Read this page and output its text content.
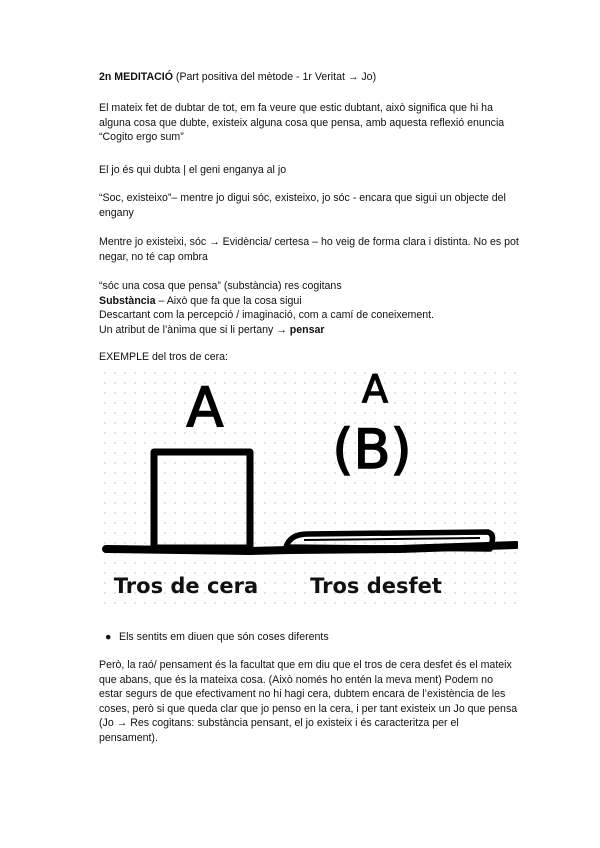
2n MEDITACIÓ (Part positiva del mètode - 1r Veritat → Jo)
El mateix fet de dubtar de tot, em fa veure que estic dubtant, això significa que hi ha alguna cosa que dubte, existeix alguna cosa que pensa, amb aquesta reflexió enuncia “Cogito ergo sum”
El jo és qui dubta | el geni enganya al jo
“Soc, existeixo”– mentre jo digui sóc, existeixo, jo sóc - encara que sigui un objecte del engany
Mentre jo existeixi, sóc → Evidència/ certesa – ho veig de forma clara i distinta. No es pot negar, no té cap ombra
“sóc una cosa que pensa” (substància) res cogitans
Substància – Això que fa que la cosa sigui
Descartant com la percepció / imaginació, com a camí de coneixement.
Un atribut de l’ànima que si li pertany → pensar
EXEMPLE del tros de cera:
A	A
(B)
Tros de cera Tros desfet
● Els sentits em diuen que són coses diferents
Però, la raó/ pensament és la facultat que em diu que el tros de cera desfet és el mateix que abans, que és la mateixa cosa. (Això només ho entén la meva ment) Podem no estar segurs de que efectivament no hi hagi cera, dubtem encara de l’existència de les coses, però si que queda clar que jo penso en la cera, i per tant existeix un Jo que pensa (Jo → Res cogitans: substància pensant, el jo existeix i és caracteritza per el pensament).
